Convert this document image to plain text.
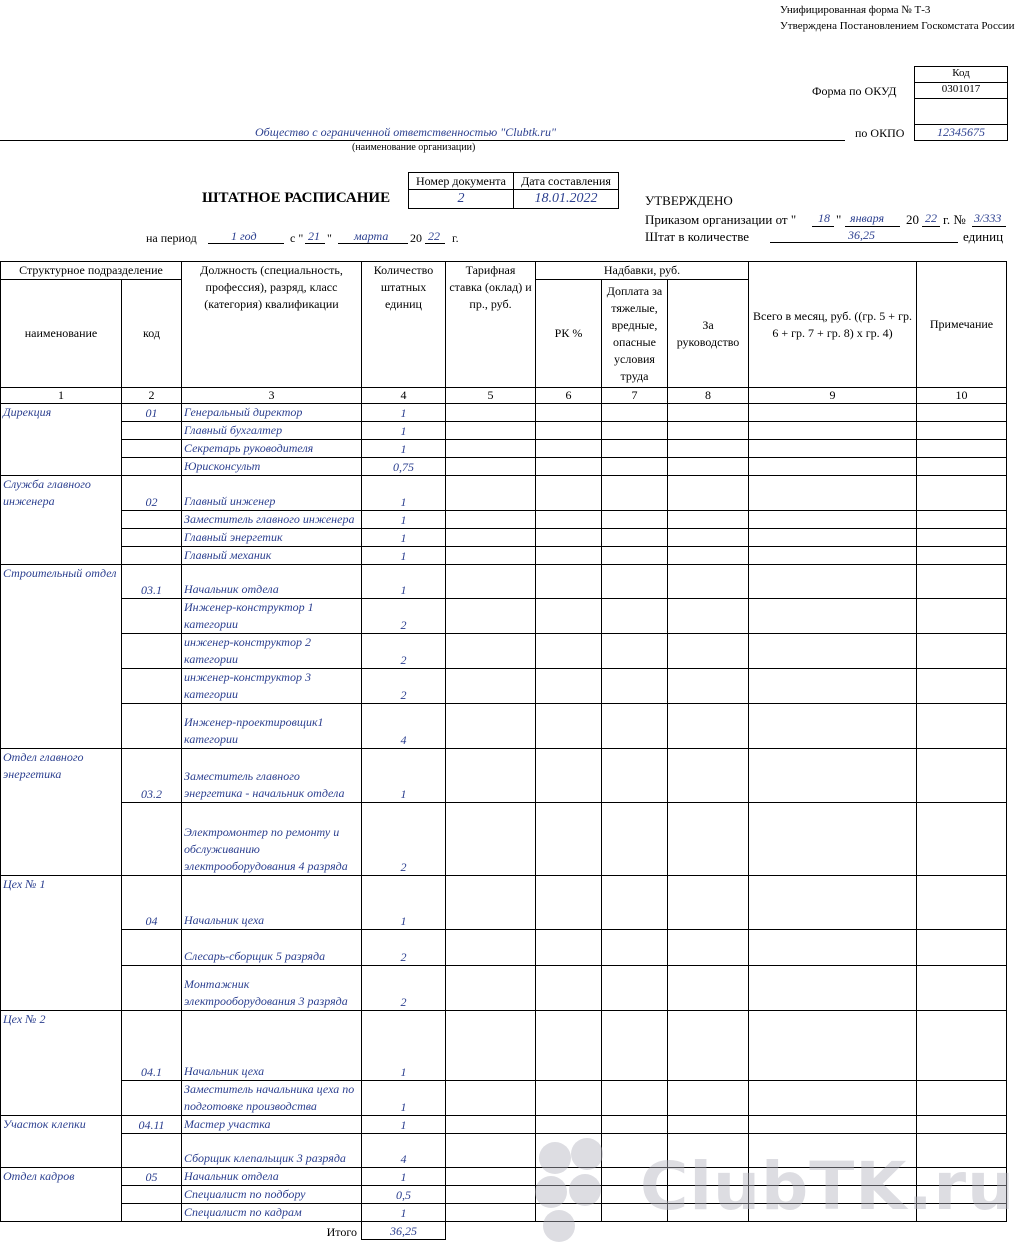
Унифицированная форма № Т-3
Утверждена Постановлением Госкомстата России
Код
0301017
12345675
Форма по ОКУД
по ОКПО
Общество с ограниченной ответственностью "Clubtk.ru"
(наименование организации)
ШТАТНОЕ РАСПИСАНИЕ
Номер документа	Дата составления
2	18.01.2022
на период	1 год	с " 21 " марта 20 22 г.
УТВЕРЖДЕНО
Приказом организации от " 18 " января 20 22 г. № 3/333
Штат в количестве	36,25	единиц
Структурное подразделение		Должность (специальность, профессия), разряд, класс (категория) квалификации	Количество штатных единиц	Тарифная ставка (оклад) и пр., руб.	Надбавки, руб.			Всего в месяц, руб. ((гр. 5 + гр. 6 + гр. 7 + гр. 8) х гр. 4)	Примечание
наименование	код				РК %	Доплата за тяжелые, вредные, опасные условия труда	За руководство		
1	2	3	4	5	6	7	8	9	10
Дирекция	01	Генеральный директор	1						
		Главный бухгалтер	1						
		Секретарь руководителя	1						
		Юрисконсульт	0,75						
Служба главного инженера	02	Главный инженер	1						
		Заместитель главного инженера	1						
		Главный энергетик	1						
		Главный механик	1						
Строительный отдел	03.1	Начальник отдела	1						
		Инженер-конструктор 1 категории	2						
		инженер-конструктор 2 категории	2						
		инженер-конструктор 3 категории	2						
		Инженер-проектировщик1 категории	4						
Отдел главного энергетика	03.2	Заместитель главного энергетика - начальник отдела	1						
		Электромонтер по ремонту и обслуживанию электрооборудования 4 разряда	2						
Цех № 1	04	Начальник цеха	1						
		Слесарь-сборщик 5 разряда	2						
		Монтажник электрооборудования 3 разряда	2						
Цех № 2	04.1	Начальник цеха	1						
		Заместитель начальника цеха по подготовке производства	1						
Участок клепки	04.11	Мастер участка	1						
		Сборщик клепальщик 3 разряда	4						
Отдел кадров	05	Начальник отдела	1						
		Специалист по подбору	0,5						
		Специалист по кадрам	1						
Итого			36,25						
ClubTK.ru
